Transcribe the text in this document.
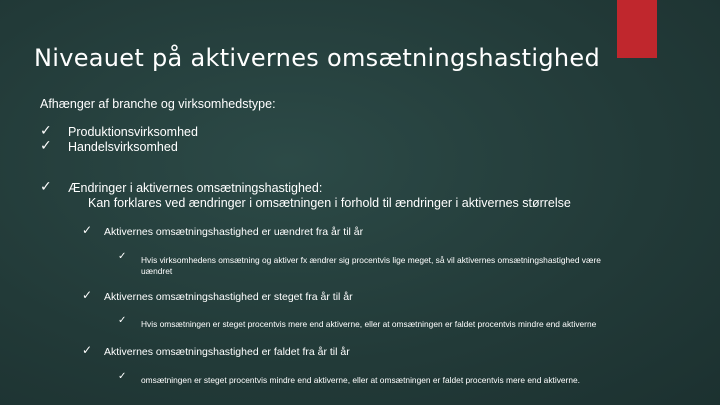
Niveauet på aktivernes omsætningshastighed
Afhænger af branche og virksomhedstype:
✓ Produktionsvirksomhed
✓ Handelsvirksomhed
✓ Ændringer i aktivernes omsætningshastighed:
Kan forklares ved ændringer i omsætningen i forhold til ændringer i aktivernes størrelse
✓ Aktivernes omsætningshastighed er uændret fra år til år
✓ Hvis virksomhedens omsætning og aktiver fx ændrer sig procentvis lige meget, så vil aktivernes omsætningshastighed være
uændret
✓ Aktivernes omsætningshastighed er steget fra år til år
✓ Hvis omsætningen er steget procentvis mere end aktiverne, eller at omsætningen er faldet procentvis mindre end aktiverne
✓ Aktivernes omsætningshastighed er faldet fra år til år
✓ omsætningen er steget procentvis mindre end aktiverne, eller at omsætningen er faldet procentvis mere end aktiverne.
